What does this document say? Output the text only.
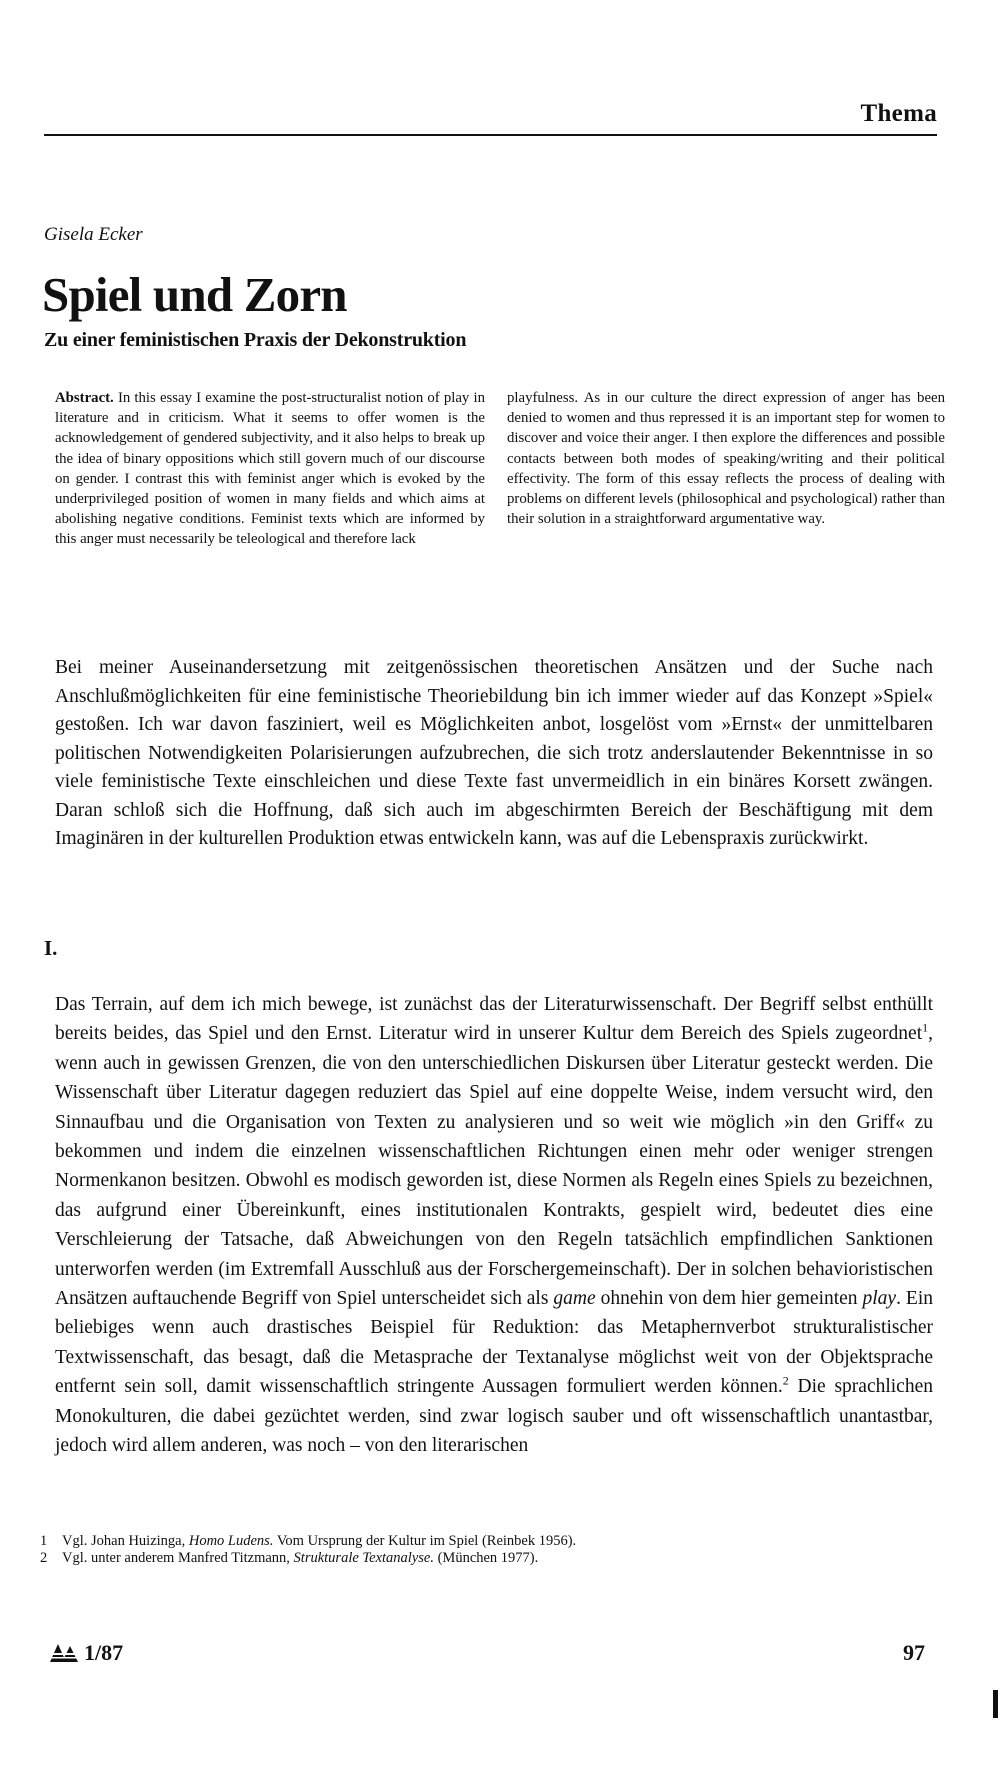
Thema
Gisela Ecker
Spiel und Zorn
Zu einer feministischen Praxis der Dekonstruktion
Abstract. In this essay I examine the post-structuralist notion of play in literature and in criticism. What it seems to offer women is the acknowledgement of gendered subjectivity, and it also helps to break up the idea of binary oppositions which still govern much of our discourse on gender. I contrast this with feminist anger which is evoked by the underprivileged position of women in many fields and which aims at abolishing negative conditions. Feminist texts which are informed by this anger must necessarily be teleological and therefore lack
playfulness. As in our culture the direct expression of anger has been denied to women and thus repressed it is an important step for women to discover and voice their anger. I then explore the differences and possible contacts between both modes of speaking/writing and their political effectivity. The form of this essay reflects the process of dealing with problems on different levels (philosophical and psychological) rather than their solution in a straightforward argumentative way.
Bei meiner Auseinandersetzung mit zeitgenössischen theoretischen Ansätzen und der Suche nach Anschlußmöglichkeiten für eine feministische Theoriebildung bin ich immer wieder auf das Konzept »Spiel« gestoßen. Ich war davon fasziniert, weil es Möglichkeiten anbot, losgelöst vom »Ernst« der unmittelbaren politischen Notwendigkeiten Polarisierungen aufzubrechen, die sich trotz anderslautender Bekenntnisse in so viele feministische Texte einschleichen und diese Texte fast unvermeidlich in ein binäres Korsett zwängen. Daran schloß sich die Hoffnung, daß sich auch im abgeschirmten Bereich der Beschäftigung mit dem Imaginären in der kulturellen Produktion etwas entwickeln kann, was auf die Lebenspraxis zurückwirkt.
I.
Das Terrain, auf dem ich mich bewege, ist zunächst das der Literaturwissenschaft. Der Begriff selbst enthüllt bereits beides, das Spiel und den Ernst. Literatur wird in unserer Kultur dem Bereich des Spiels zugeordnet$^1$, wenn auch in gewissen Grenzen, die von den unterschiedlichen Diskursen über Literatur gesteckt werden. Die Wissenschaft über Literatur dagegen reduziert das Spiel auf eine doppelte Weise, indem versucht wird, den Sinnaufbau und die Organisation von Texten zu analysieren und so weit wie möglich »in den Griff« zu bekommen und indem die einzelnen wissenschaftlichen Richtungen einen mehr oder weniger strengen Normenkanon besitzen. Obwohl es modisch geworden ist, diese Normen als Regeln eines Spiels zu bezeichnen, das aufgrund einer Übereinkunft, eines institutionalen Kontrakts, gespielt wird, bedeutet dies eine Verschleierung der Tatsache, daß Abweichungen von den Regeln tatsächlich empfindlichen Sanktionen unterworfen werden (im Extremfall Ausschluß aus der Forschergemeinschaft). Der in solchen behavioristischen Ansätzen auftauchende Begriff von Spiel unterscheidet sich als game ohnehin von dem hier gemeinten play. Ein beliebiges wenn auch drastisches Beispiel für Reduktion: das Metaphernverbot strukturalistischer Textwissenschaft, das besagt, daß die Metasprache der Textanalyse möglichst weit von der Objektsprache entfernt sein soll, damit wissenschaftlich stringente Aussagen formuliert werden können.$^2$ Die sprachlichen Monokulturen, die dabei gezüchtet werden, sind zwar logisch sauber und oft wissenschaftlich unantastbar, jedoch wird allem anderen, was noch – von den literarischen
1 Vgl. Johan Huizinga, Homo Ludens. Vom Ursprung der Kultur im Spiel (Reinbek 1956).
2 Vgl. unter anderem Manfred Titzmann, Strukturale Textanalyse. (München 1977).
1/87	97
